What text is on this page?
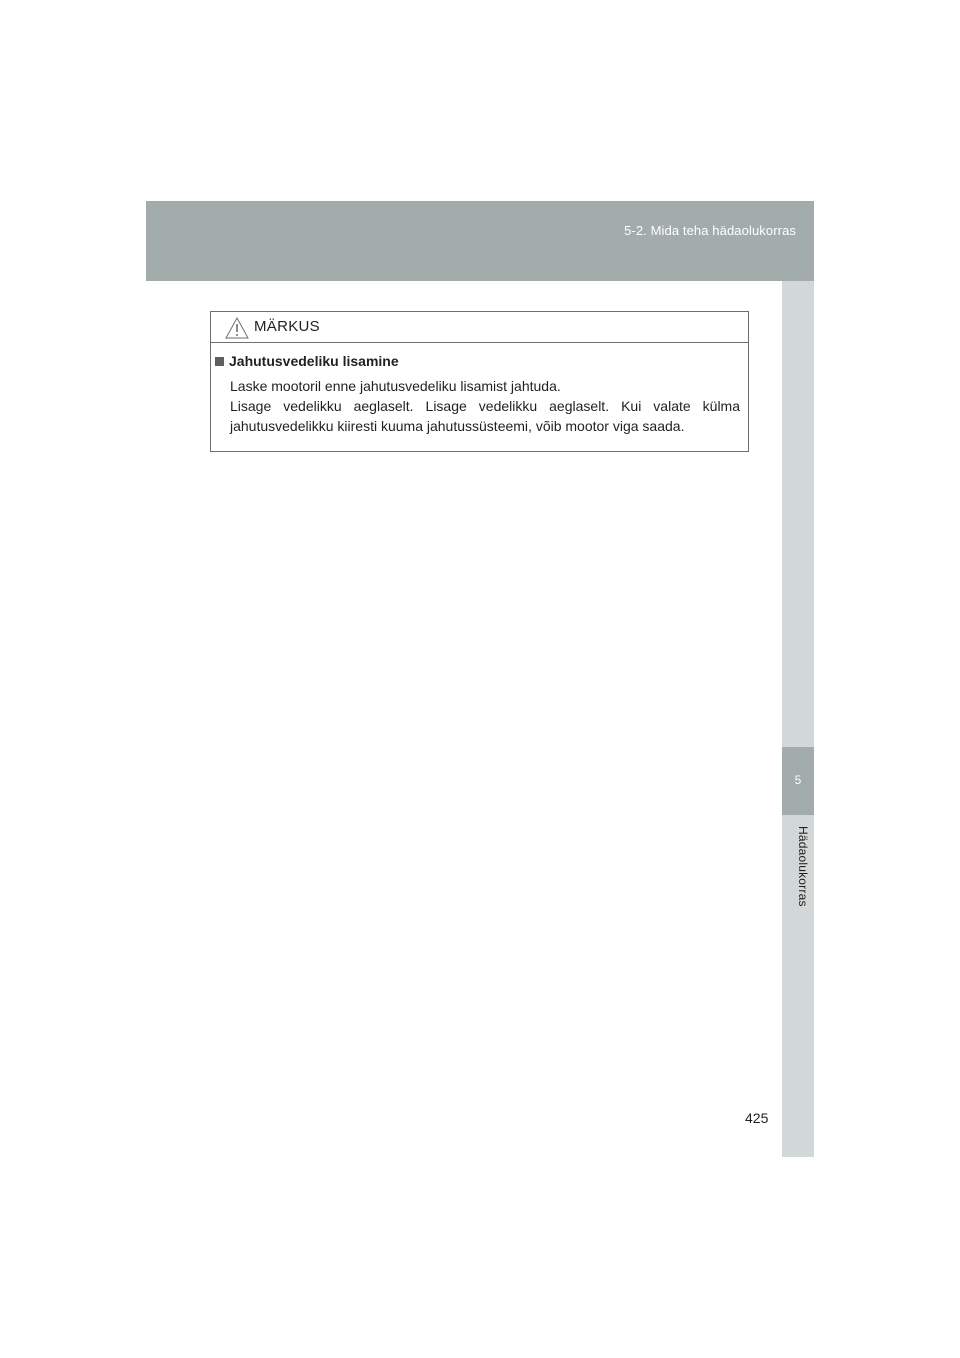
5-2. Mida teha hädaolukorras
5
Hädaolukorras
MÄRKUS
Jahutusvedeliku lisamine

Laske mootoril enne jahutusvedeliku lisamist jahtuda.

Lisage vedelikku aeglaselt. Lisage vedelikku aeglaselt. Kui valate külma jahutusvedelikku kiiresti kuuma jahutussüsteemi, võib mootor viga saada.

425
